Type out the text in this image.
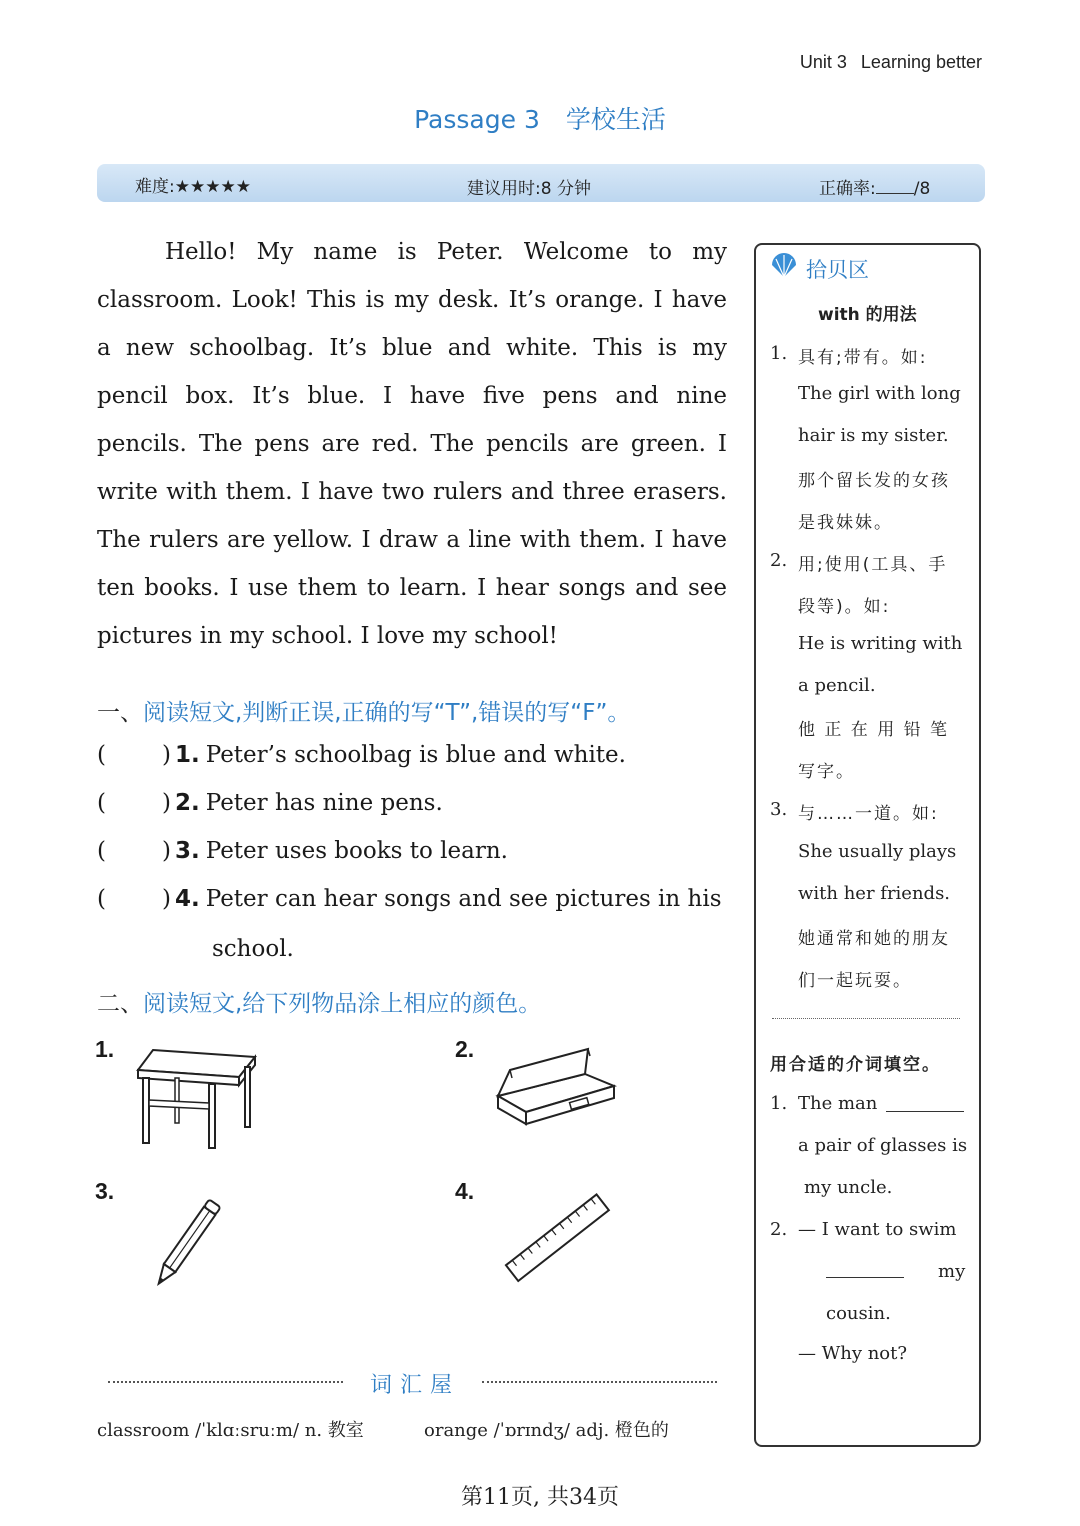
Unit 3 Learning better
Passage 3 学校生活
难度:★★★★★	建议用时:8 分钟	正确率: /8

Hello! My name is Peter. Welcome to my classroom. Look! This is my desk. It’s orange. I have a new schoolbag. It’s blue and white. This is my pencil box. It’s blue. I have five pens and nine pencils. The pens are red. The pencils are green. I write with them. I have two rulers and three erasers. The rulers are yellow. I draw a line with them. I have ten books. I use them to learn. I hear songs and see pictures in my school. I love my school!

一、阅读短文,判断正误,正确的写“T”,错误的写“F”。
( ) 1. Peter’s schoolbag is blue and white.
( ) 2. Peter has nine pens.
( ) 3. Peter uses books to learn.
( ) 4. Peter can hear songs and see pictures in his
school.
二、阅读短文,给下列物品涂上相应的颜色。
1.	2.
3.	4.
词汇屋
classroom /ˈklɑːsruːm/ n. 教室	orange /ˈɒrɪndʒ/ adj. 橙色的
拾贝区
with 的用法
1. 具有;带有。如:
The girl with long
hair is my sister.
那个留长发的女孩
是我妹妹。
2. 用;使用(工具、手
段等)。如:
He is writing with
a pencil.
他 正 在 用 铅 笔
写字。
3. 与……一道。如:
She usually plays
with her friends.
她通常和她的朋友
们一起玩耍。
用合适的介词填空。
1. The man
a pair of glasses is
my uncle.
2. — I want to swim
my
cousin.
— Why not?
第11页, 共34页
